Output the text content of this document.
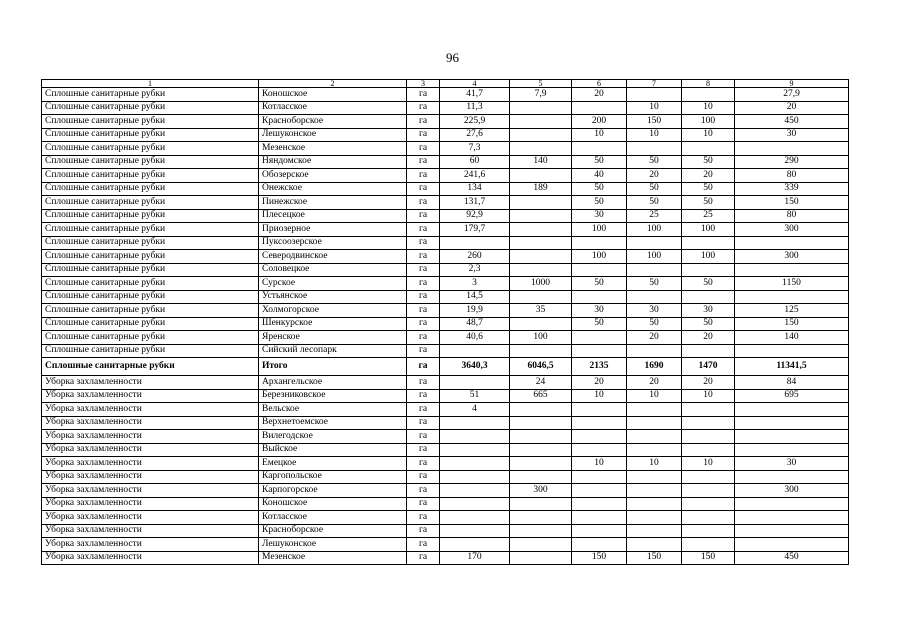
96
1	2	3	4	5	6	7	8	9
Сплошные санитарные рубки	Коношское	га	41,7	7,9	20			27,9
Сплошные санитарные рубки	Котласское	га	11,3			10	10	20
Сплошные санитарные рубки	Красноборское	га	225,9		200	150	100	450
Сплошные санитарные рубки	Лешуконское	га	27,6		10	10	10	30
Сплошные санитарные рубки	Мезенское	га	7,3					
Сплошные санитарные рубки	Няндомское	га	60	140	50	50	50	290
Сплошные санитарные рубки	Обозерское	га	241,6		40	20	20	80
Сплошные санитарные рубки	Онежское	га	134	189	50	50	50	339
Сплошные санитарные рубки	Пинежское	га	131,7		50	50	50	150
Сплошные санитарные рубки	Плесецкое	га	92,9		30	25	25	80
Сплошные санитарные рубки	Приозерное	га	179,7		100	100	100	300
Сплошные санитарные рубки	Пуксоозерское	га						
Сплошные санитарные рубки	Северодвинское	га	260		100	100	100	300
Сплошные санитарные рубки	Соловецкое	га	2,3					
Сплошные санитарные рубки	Сурское	га	3	1000	50	50	50	1150
Сплошные санитарные рубки	Устьянское	га	14,5					
Сплошные санитарные рубки	Холмогорское	га	19,9	35	30	30	30	125
Сплошные санитарные рубки	Шенкурское	га	48,7		50	50	50	150
Сплошные санитарные рубки	Яренское	га	40,6	100		20	20	140
Сплошные санитарные рубки	Сийский лесопарк	га						
Сплошные санитарные рубки	Итого	га	3640,3	6046,5	2135	1690	1470	11341,5
Уборка захламленности	Архангельское	га		24	20	20	20	84
Уборка захламленности	Березниковское	га	51	665	10	10	10	695
Уборка захламленности	Вельское	га	4					
Уборка захламленности	Верхнетоемское	га						
Уборка захламленности	Вилегодское	га						
Уборка захламленности	Выйское	га						
Уборка захламленности	Емецкое	га			10	10	10	30
Уборка захламленности	Каргопольское	га						
Уборка захламленности	Карпогорское	га		300				300
Уборка захламленности	Коношское	га						
Уборка захламленности	Котласское	га						
Уборка захламленности	Красноборское	га						
Уборка захламленности	Лешуконское	га						
Уборка захламленности	Мезенское	га	170		150	150	150	450
